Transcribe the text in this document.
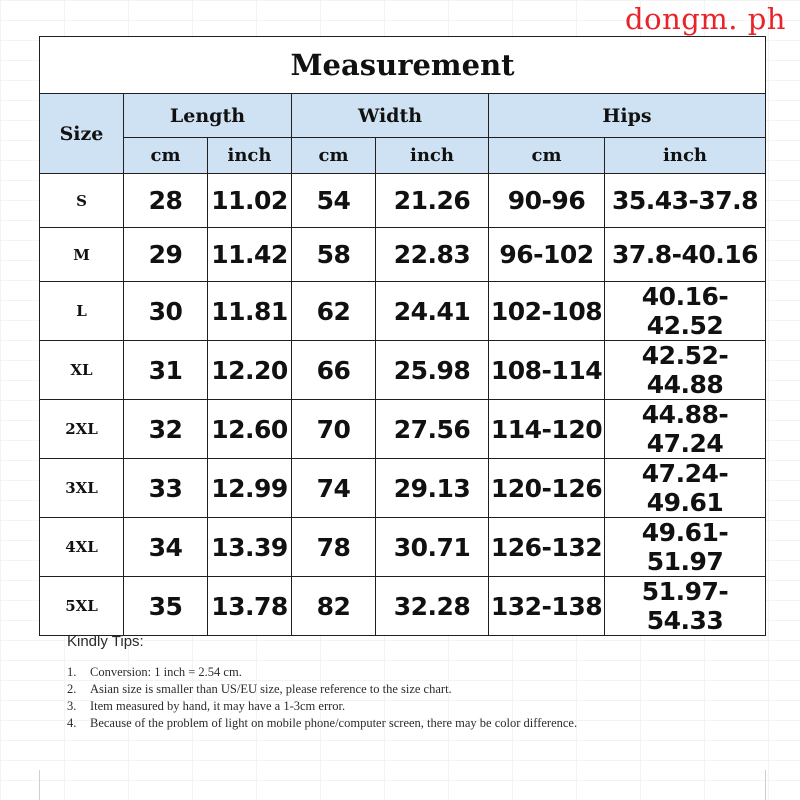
dongm. ph
Measurement						
Size	Length		Width		Hips	
	cm	inch	cm	inch	cm	inch
S	28	11.02	54	21.26	90-96	35.43-37.8
M	29	11.42	58	22.83	96-102	37.8-40.16
L	30	11.81	62	24.41	102-108	40.16-42.52
XL	31	12.20	66	25.98	108-114	42.52-44.88
2XL	32	12.60	70	27.56	114-120	44.88-47.24
3XL	33	12.99	74	29.13	120-126	47.24-49.61
4XL	34	13.39	78	30.71	126-132	49.61-51.97
5XL	35	13.78	82	32.28	132-138	51.97-54.33

Kindly Tips:

1.	Conversion: 1 inch = 2.54 cm.
2.	Asian size is smaller than US/EU size, please reference to the size chart.
3.	Item measured by hand, it may have a 1-3cm error.
4.	Because of the problem of light on mobile phone/computer screen, there may be color difference.
